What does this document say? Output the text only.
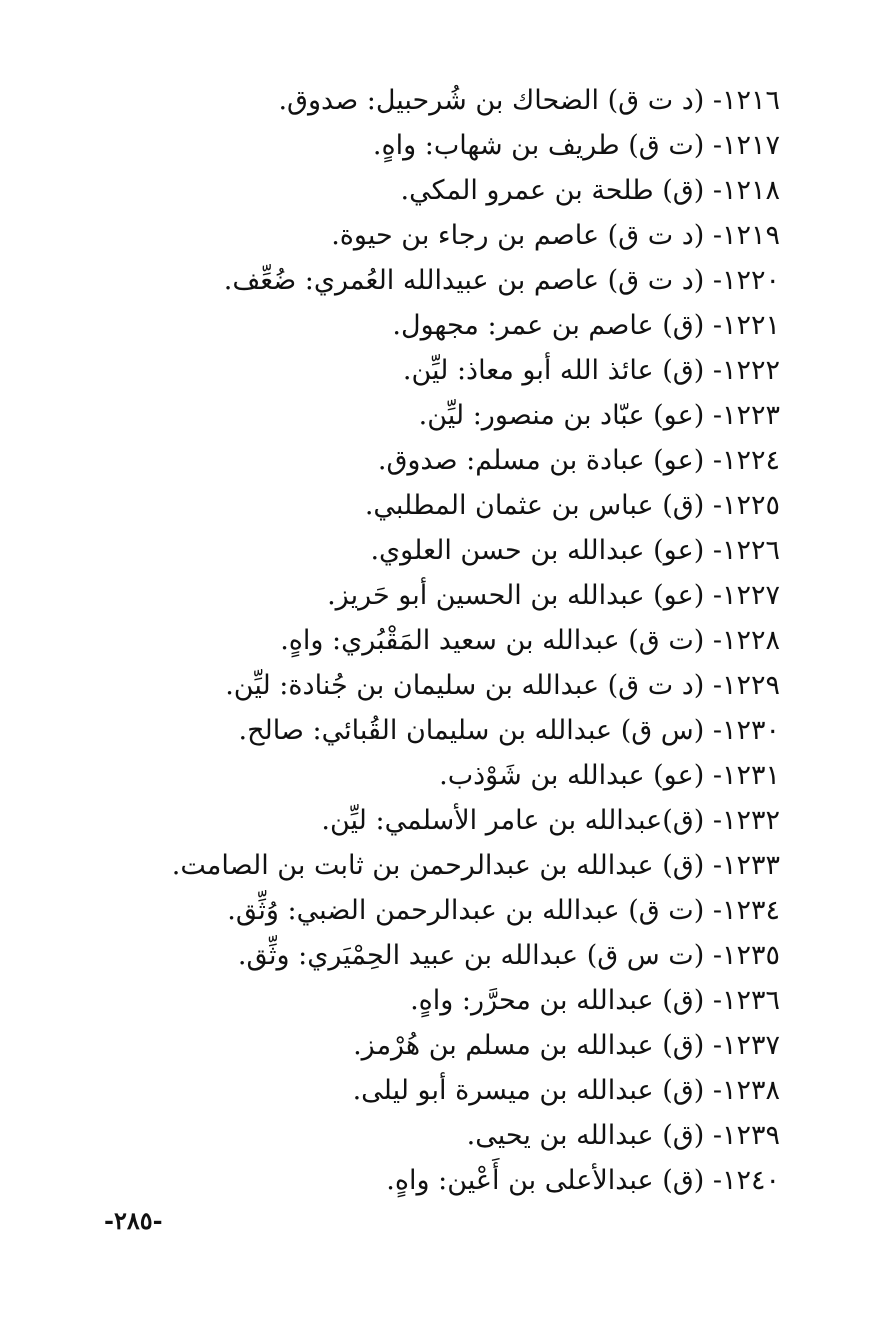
١٢١٦- (د ت ق) الضحاك بن شُرحبيل: صدوق.
١٢١٧- (ت ق) طريف بن شهاب: واهٍ.
١٢١٨- (ق) طلحة بن عمرو المكي.
١٢١٩- (د ت ق) عاصم بن رجاء بن حيوة.
١٢٢٠- (د ت ق) عاصم بن عبيدالله العُمري: ضُعِّف.
١٢٢١- (ق) عاصم بن عمر: مجهول.
١٢٢٢- (ق) عائذ الله أبو معاذ: ليِّن.
١٢٢٣- (عو) عبّاد بن منصور: ليِّن.
١٢٢٤- (عو) عبادة بن مسلم: صدوق.
١٢٢٥- (ق) عباس بن عثمان المطلبي.
١٢٢٦- (عو) عبدالله بن حسن العلوي.
١٢٢٧- (عو) عبدالله بن الحسين أبو حَريز.
١٢٢٨- (ت ق) عبدالله بن سعيد المَقْبُري: واهٍ.
١٢٢٩- (د ت ق) عبدالله بن سليمان بن جُنادة: ليِّن.
١٢٣٠- (س ق) عبدالله بن سليمان القُبائي: صالح.
١٢٣١- (عو) عبدالله بن شَوْذب.
١٢٣٢- (ق)عبدالله بن عامر الأسلمي: ليِّن.
١٢٣٣- (ق) عبدالله بن عبدالرحمن بن ثابت بن الصامت.
١٢٣٤- (ت ق) عبدالله بن عبدالرحمن الضبي: وُثِّق.
١٢٣٥- (ت س ق) عبدالله بن عبيد الحِمْيَري: وثِّق.
١٢٣٦- (ق) عبدالله بن محرَّر: واهٍ.
١٢٣٧- (ق) عبدالله بن مسلم بن هُرْمز.
١٢٣٨- (ق) عبدالله بن ميسرة أبو ليلى.
١٢٣٩- (ق) عبدالله بن يحيى.
١٢٤٠- (ق) عبدالأعلى بن أَعْين: واهٍ.
-٢٨٥-
